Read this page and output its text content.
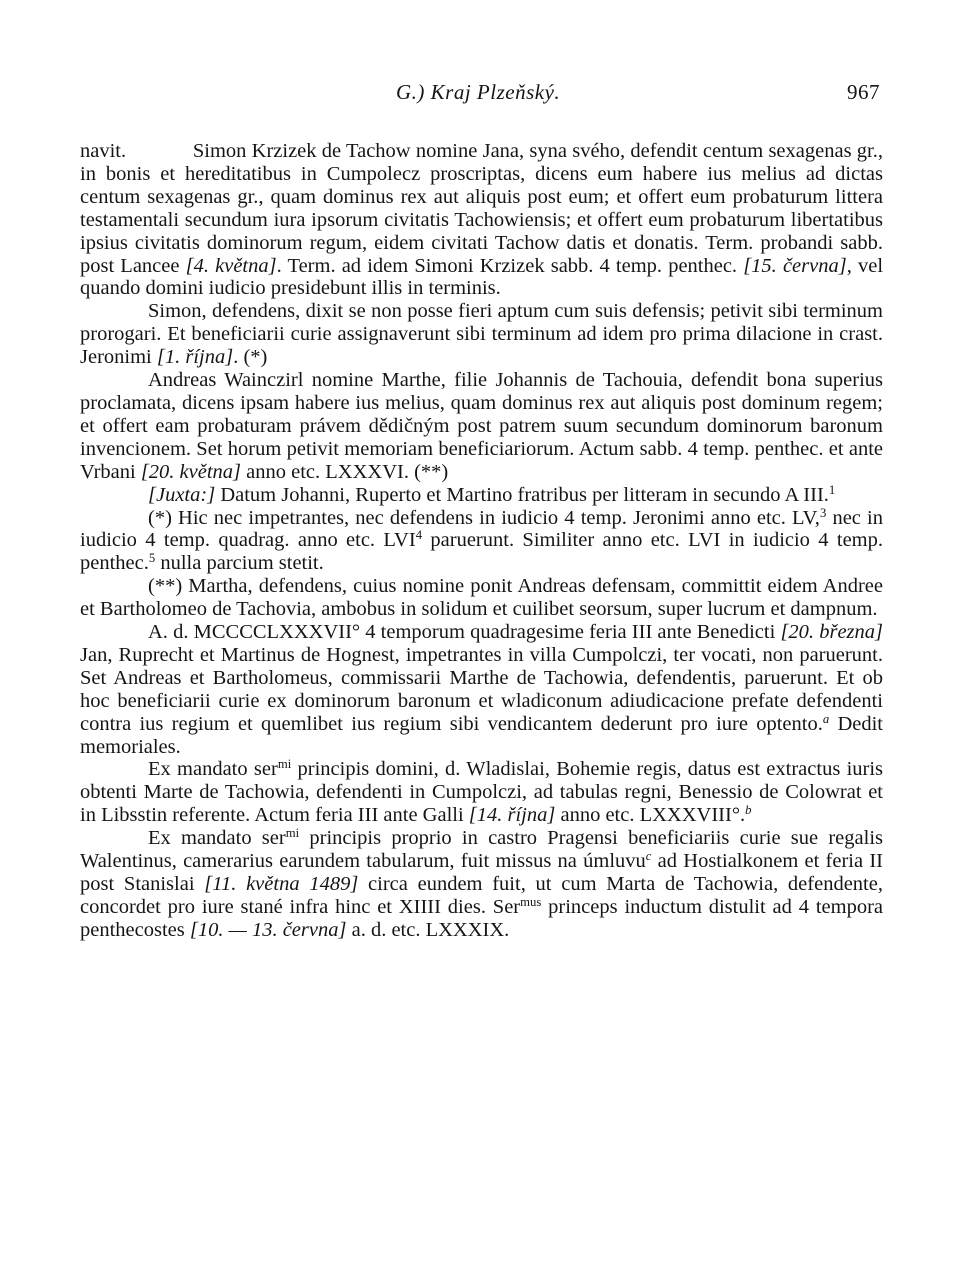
G.) Kraj Plzeňský.	967

navit.    Simon Krzizek de Tachow nomine Jana, syna svého, defendit centum sexagenas gr., in bonis et hereditatibus in Cumpolecz proscriptas, dicens eum habere ius melius ad dictas centum sexagenas gr., quam dominus rex aut aliquis post eum; et offert eum probaturum littera testamentali secundum iura ipsorum civitatis Tachowiensis; et offert eum probaturum libertatibus ipsius civitatis dominorum regum, eidem civitati Tachow datis et donatis. Term. probandi sabb. post Lancee [4. května]. Term. ad idem Simoni Krzizek sabb. 4 temp. penthec. [15. června], vel quando domini iudicio presidebunt illis in terminis.

Simon, defendens, dixit se non posse fieri aptum cum suis defensis; petivit sibi terminum prorogari. Et beneficiarii curie assignaverunt sibi terminum ad idem pro prima dilacione in crast. Jeronimi [1. října]. (*)

Andreas Wainczirl nomine Marthe, filie Johannis de Tachouia, defendit bona superius proclamata, dicens ipsam habere ius melius, quam dominus rex aut aliquis post dominum regem; et offert eam probaturam právem dědičným post patrem suum secundum dominorum baronum invencionem. Set horum petivit memoriam beneficiariorum. Actum sabb. 4 temp. penthec. et ante Vrbani [20. května] anno etc. LXXXVI. (**)

[Juxta:] Datum Johanni, Ruperto et Martino fratribus per litteram in secundo A III.$^1$

(*) Hic nec impetrantes, nec defendens in iudicio 4 temp. Jeronimi anno etc. LV,$^3$ nec in iudicio 4 temp. quadrag. anno etc. LVI$^4$ paruerunt. Similiter anno etc. LVI in iudicio 4 temp. penthec.$^5$ nulla parcium stetit.

(**) Martha, defendens, cuius nomine ponit Andreas defensam, committit eidem Andree et Bartholomeo de Tachovia, ambobus in solidum et cuilibet seorsum, super lucrum et dampnum.

A. d. MCCCCLXXXVII° 4 temporum quadragesime feria III ante Benedicti [20. března] Jan, Ruprecht et Martinus de Hognest, impetrantes in villa Cumpolczi, ter vocati, non paruerunt. Set Andreas et Bartholomeus, commissarii Marthe de Tachowia, defendentis, paruerunt. Et ob hoc beneficiarii curie ex dominorum baronum et wladiconum adiudicacione prefate defendenti contra ius regium et quemlibet ius regium sibi vendicantem dederunt pro iure optento.$^a$ Dedit memoriales.

Ex mandato ser$^{mi}$ principis domini, d. Wladislai, Bohemie regis, datus est extractus iuris obtenti Marte de Tachowia, defendenti in Cumpolczi, ad tabulas regni, Benessio de Colowrat et in Libsstin referente. Actum feria III ante Galli [14. října] anno etc. LXXXVIII°.$^b$

Ex mandato ser$^{mi}$ principis proprio in castro Pragensi beneficiariis curie sue regalis Walentinus, camerarius earundem tabularum, fuit missus na úmluvu$^c$ ad Hostialkonem et feria II post Stanislai [11. května 1489] circa eundem fuit, ut cum Marta de Tachowia, defendente, concordet pro iure stané infra hinc et XIIII dies. Ser$^{mus}$ princeps inductum distulit ad 4 tempora penthecostes [10. — 13. června] a. d. etc. LXXXIX.
